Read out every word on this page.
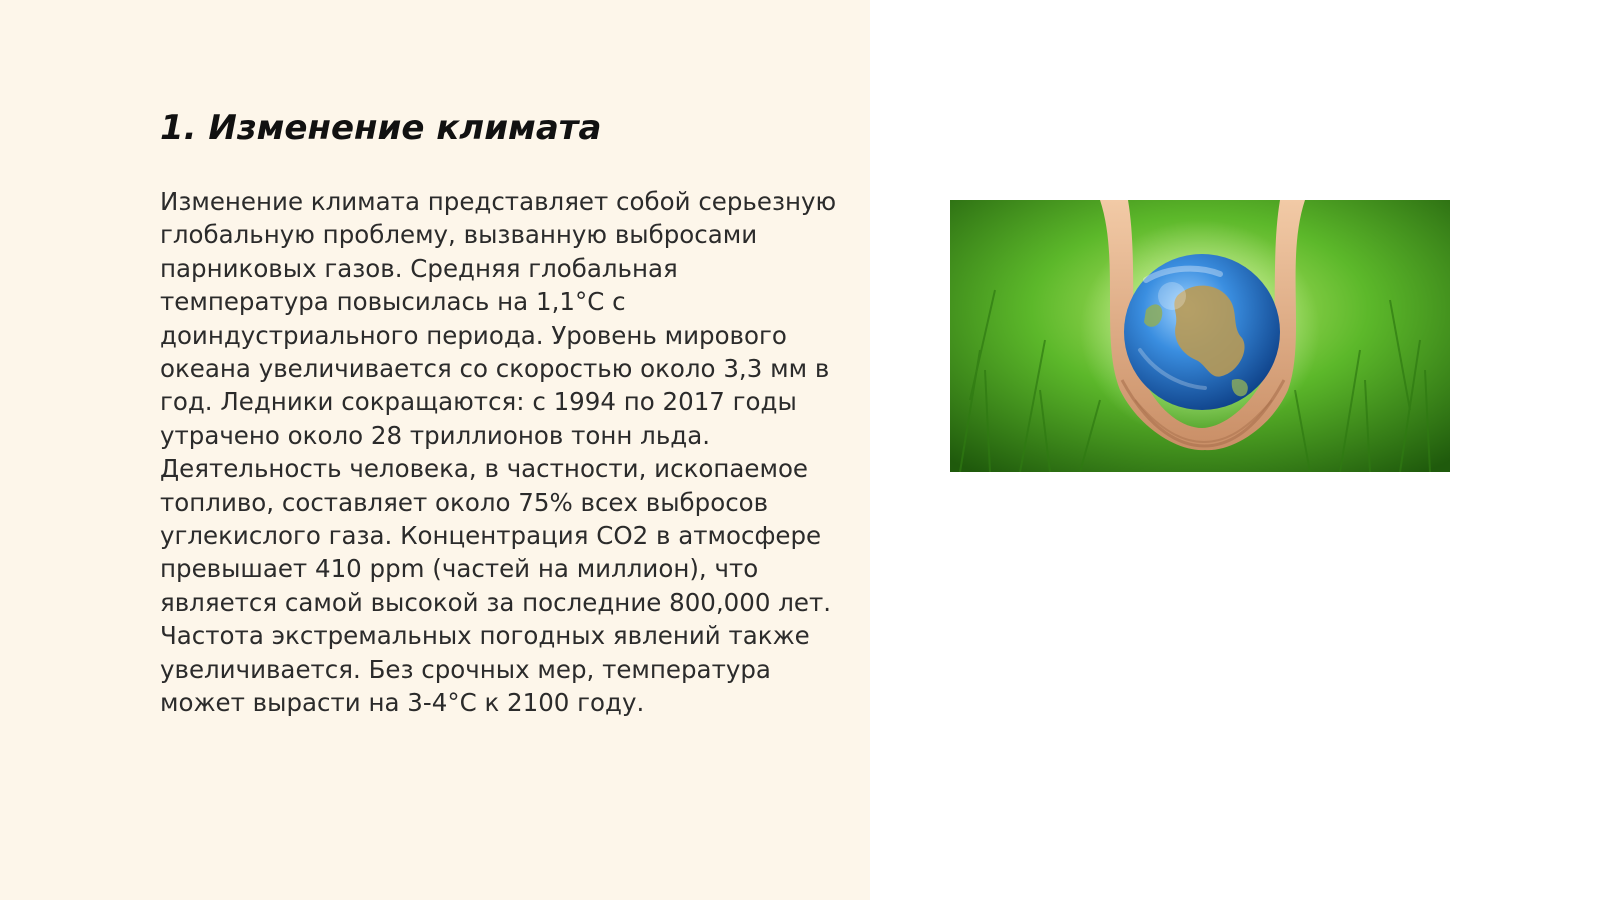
1. Изменение климата

Изменение климата представляет собой серьезную глобальную проблему, вызванную выбросами парниковых газов. Средняя глобальная температура повысилась на 1,1°C с доиндустриального периода. Уровень мирового океана увеличивается со скоростью около 3,3 мм в год. Ледники сокращаются: с 1994 по 2017 годы утрачено около 28 триллионов тонн льда. Деятельность человека, в частности, ископаемое топливо, составляет около 75% всех выбросов углекислого газа. Концентрация CO2 в атмосфере превышает 410 ppm (частей на миллион), что является самой высокой за последние 800,000 лет. Частота экстремальных погодных явлений также увеличивается. Без срочных мер, температура может вырасти на 3-4°C к 2100 году.
